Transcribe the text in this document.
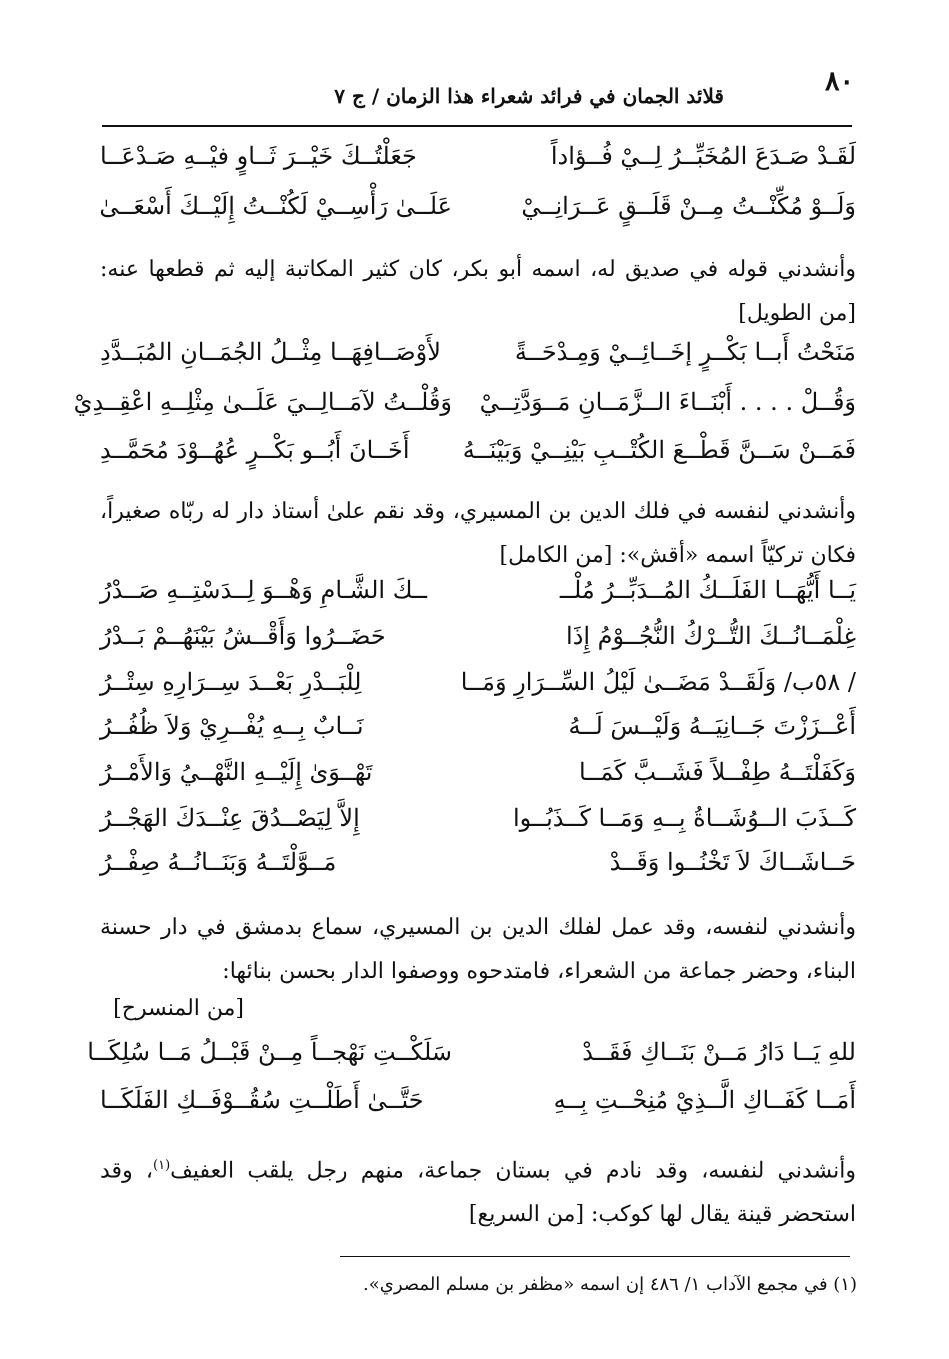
٨٠
قلائد الجمان في فرائد شعراء هذا الزمان / ج ٧
لَقَـدْ صَـدَعَ المُخَبِّــرُ لِــيْ فُــؤاداً
جَعَلْتُــكَ خَيْــرَ ثَــاوٍ فيْــهِ صَـدْعَــا
وَلَــوْ مُكِّنْــتُ مِــنْ قَلَــقٍ عَــرَانِــيْ
عَلَــىٰ رَأْسِــيْ لَكُنْــتُ إِلَيْــكَ أَسْعَــىٰ
وأنشدني قوله في صديق له، اسمه أبو بكر، كان كثير المكاتبة إليه ثم قطعها عنه: [من الطويل]
مَنَحْتُ أَبــا بَكْــرٍ إخَــائِــيْ وَمِـدْحَــةً
لأَوْصَــافِهَــا مِثْــلُ الجُمَــانِ المُبَــدَّدِ
وَقُــلْ . . . . أَبْنَــاءَ الــزَّمَــانِ مَــوَدَّتِــيْ
وَقُلْــتُ لآمَــالِــيَ عَلَــىٰ مِثْلِــهِ اعْقِــدِيْ
فَمَــنْ سَــنَّ قَطْــعَ الكُتْــبِ بَيْنِــيْ وَبَيْنَــهُ
أَخَــانَ أَبُــو بَكْــرٍ عُهُــوْدَ مُحَمَّــدِ
وأنشدني لنفسه في فلك الدين بن المسيري، وقد نقم علىٰ أستاذ دار له ربّاه صغيراً، فكان تركيّاً اسمه «أقش»: [من الكامل]
يَــا أَيُّهَــا الفَلَــكُ المُــدَبِّــرُ مُلْــ
ــكَ الشَّـامِ وَهْــوَ لِــدَسْتِــهِ صَــدْرُ
غِلْمَــانُــكَ التُّــرْكُ النُّجُــوْمُ إِذَا
حَضَــرُوا وَأَقْــشُ بَيْنَهُــمْ بَــدْرُ
/ ٥٨ب/ وَلَقَــدْ مَضَــىٰ لَيْلُ السِّــرَارِ وَمَــا
لِلْبَــدْرِ بَعْــدَ سِــرَارِهِ سِتْــرُ
أَعْــزَزْتَ جَــانِيَــهُ وَلَيْــسَ لَــهُ
نَــابٌ بِــهِ يُفْــرِيْ وَلاَ ظُفُــرُ
وَكَفَلْتَــهُ طِفْــلاً فَشَــبَّ كَمَــا
تَهْــوَىٰ إِلَيْــهِ النَّهْــيُ وَالأَمْــرُ
كَــذَبَ الــوُشَــاةُ بِــهِ وَمَــا كَــذَبُــوا
إِلاَّ لِيَصْــدُقَ عِنْــدَكَ الهَجْــرُ
حَــاشَــاكَ لاَ تَخْنُــوا وَقَــدْ
مَــوَّلْتَــهُ وَبَنَــانُــهُ صِفْــرُ
وأنشدني لنفسه، وقد عمل لفلك الدين بن المسيري، سماع بدمشق في دار حسنة البناء، وحضر جماعة من الشعراء، فامتدحوه ووصفوا الدار بحسن بنائها:
[من المنسرح]
للهِ يَــا دَارُ مَــنْ بَنَــاكِ فَقَــدْ
سَلَكْــتِ نَهْجــاً مِــنْ قَبْــلُ مَــا سُلِكَــا
أَمَــا كَفَــاكِ الَّــذِيْ مُنِحْــتِ بِــهِ
حَتَّــىٰ أَطَلْــتِ سُقُــوْفَــكِ الفَلَكَــا
وأنشدني لنفسه، وقد نادم في بستان جماعة، منهم رجل يلقب العفيف$^{(١)}$، وقد استحضر قينة يقال لها كوكب: [من السريع]
(١) في مجمع الآداب ١/ ٤٨٦ إن اسمه «مظفر بن مسلم المصري».
